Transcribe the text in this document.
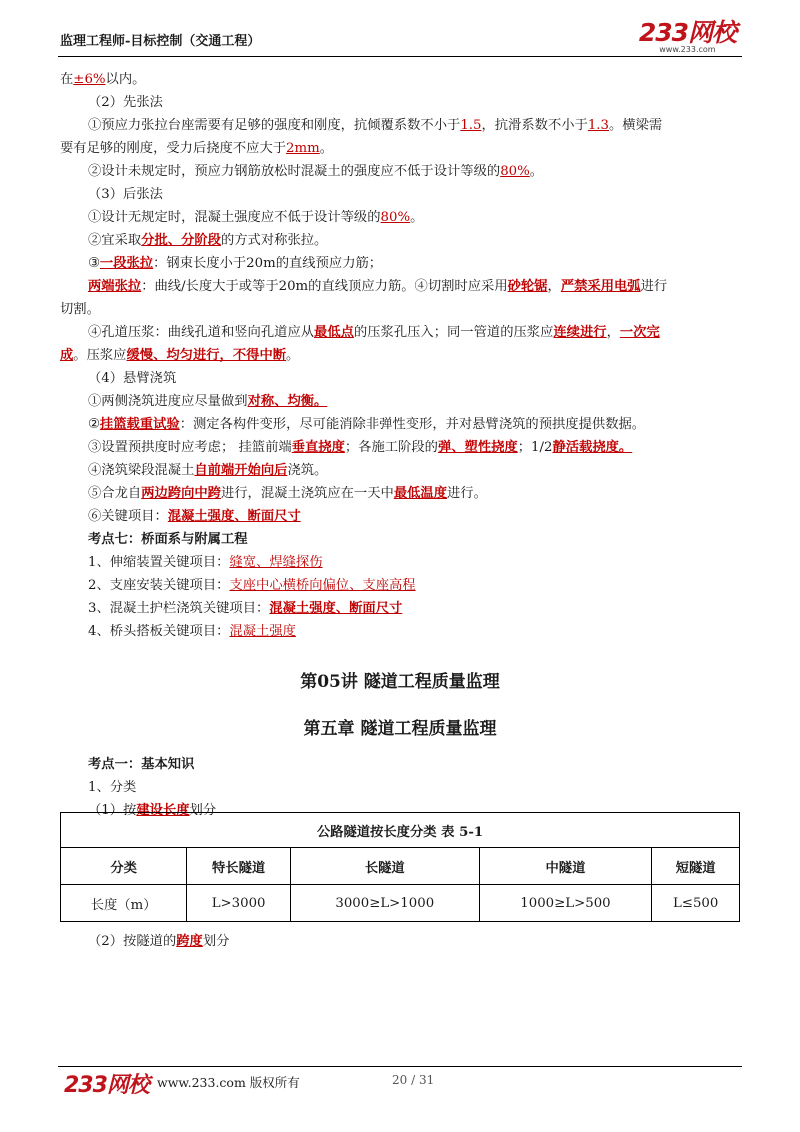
监理工程师-目标控制（交通工程）	233网校
www.233.com

在±6%以内。

（2）先张法

①预应力张拉台座需要有足够的强度和刚度，抗倾覆系数不小于1.5，抗滑系数不小于1.3。横梁需

要有足够的刚度，受力后挠度不应大于2mm。

②设计未规定时，预应力钢筋放松时混凝土的强度应不低于设计等级的80%。

（3）后张法

①设计无规定时，混凝土强度应不低于设计等级的80%。

②宜采取分批、分阶段的方式对称张拉。

③一段张拉：钢束长度小于20m的直线预应力筋；

两端张拉：曲线/长度大于或等于20m的直线顶应力筋。④切割时应采用砂轮锯，严禁采用电弧进行

切割。

④孔道压浆：曲线孔道和竖向孔道应从最低点的压浆孔压入；同一管道的压浆应连续进行，一次完

成。压浆应缓慢、均匀进行，不得中断。

（4）悬臂浇筑

①两侧浇筑进度应尽量做到对称、均衡。

②挂篮载重试验：测定各构件变形，尽可能消除非弹性变形，并对悬臂浇筑的预拱度提供数据。

③设置预拱度时应考虑； 挂篮前端垂直挠度；各施工阶段的弹、塑性挠度；1/2静活载挠度。

④浇筑梁段混凝土自前端开始向后浇筑。

⑤合龙自两边跨向中跨进行，混凝土浇筑应在一天中最低温度进行。

⑥关键项目：混凝土强度、断面尺寸

考点七：桥面系与附属工程

1、伸缩装置关键项目：缝宽、焊缝探伤

2、支座安装关键项目：支座中心横桥向偏位、支座高程

3、混凝土护栏浇筑关键项目：混凝土强度、断面尺寸

4、桥头搭板关键项目：混凝土强度

第05讲 隧道工程质量监理

第五章 隧道工程质量监理

考点一：基本知识

1、分类

（1）按建设长度划分

公路隧道按长度分类 表 5-1				
分类	特长隧道	长隧道	中隧道	短隧道
长度（m）	L>3000	3000≥L>1000	1000≥L>500	L≤500

（2）按隧道的跨度划分

233网校 www.233.com 版权所有	20 / 31
